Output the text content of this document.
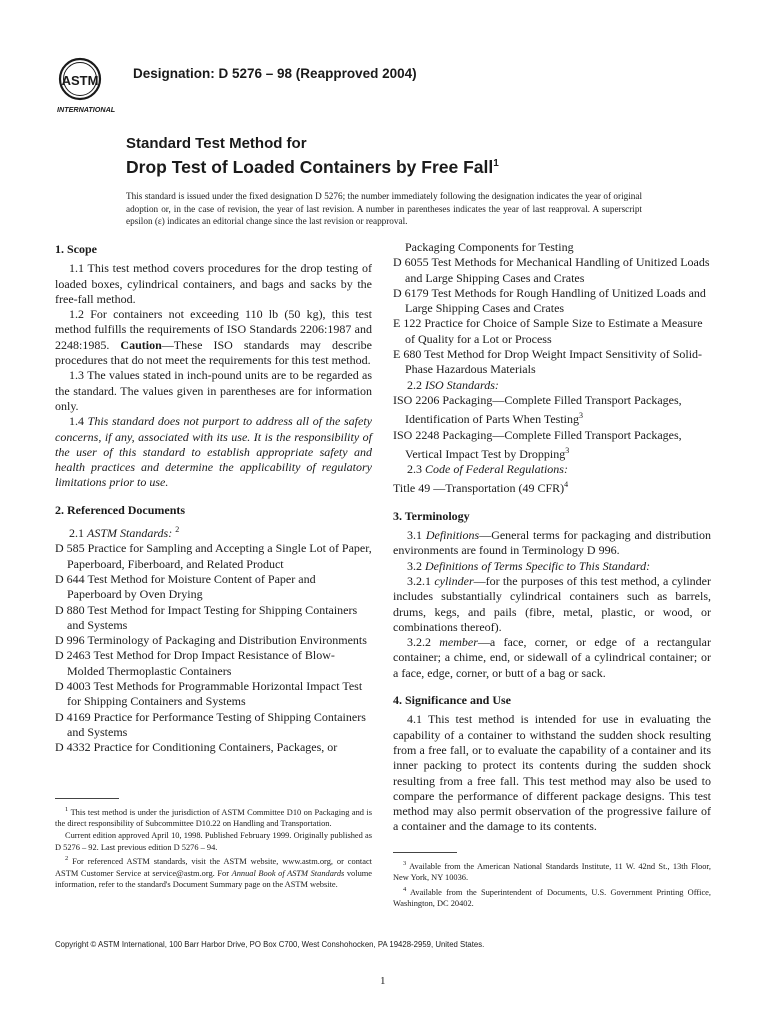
ASTM
INTERNATIONAL
Designation: D 5276 – 98 (Reapproved 2004)
Standard Test Method for
Drop Test of Loaded Containers by Free Fall$^1$
This standard is issued under the fixed designation D 5276; the number immediately following the designation indicates the year of original adoption or, in the case of revision, the year of last revision. A number in parentheses indicates the year of last reapproval. A superscript epsilon (ε) indicates an editorial change since the last revision or reapproval.
1. Scope

1.1 This test method covers procedures for the drop testing of loaded boxes, cylindrical containers, and bags and sacks by the free-fall method.

1.2 For containers not exceeding 110 lb (50 kg), this test method fulfills the requirements of ISO Standards 2206:1987 and 2248:1985. Caution—These ISO standards may describe procedures that do not meet the requirements for this test method.

1.3 The values stated in inch-pound units are to be regarded as the standard. The values given in parentheses are for information only.

1.4 This standard does not purport to address all of the safety concerns, if any, associated with its use. It is the responsibility of the user of this standard to establish appropriate safety and health practices and determine the applicability of regulatory limitations prior to use.

2. Referenced Documents

2.1 ASTM Standards: $^2$

D 585 Practice for Sampling and Accepting a Single Lot of Paper, Paperboard, Fiberboard, and Related Product

D 644 Test Method for Moisture Content of Paper and Paperboard by Oven Drying

D 880 Test Method for Impact Testing for Shipping Containers and Systems

D 996 Terminology of Packaging and Distribution Environments

D 2463 Test Method for Drop Impact Resistance of Blow-Molded Thermoplastic Containers

D 4003 Test Methods for Programmable Horizontal Impact Test for Shipping Containers and Systems

D 4169 Practice for Performance Testing of Shipping Containers and Systems

D 4332 Practice for Conditioning Containers, Packages, or

Packaging Components for Testing

D 6055 Test Methods for Mechanical Handling of Unitized Loads and Large Shipping Cases and Crates

D 6179 Test Methods for Rough Handling of Unitized Loads and Large Shipping Cases and Crates

E 122 Practice for Choice of Sample Size to Estimate a Measure of Quality for a Lot or Process

E 680 Test Method for Drop Weight Impact Sensitivity of Solid-Phase Hazardous Materials

2.2 ISO Standards:

ISO 2206 Packaging—Complete Filled Transport Packages, Identification of Parts When Testing$^3$

ISO 2248 Packaging—Complete Filled Transport Packages, Vertical Impact Test by Dropping$^3$

2.3 Code of Federal Regulations:

Title 49 —Transportation (49 CFR)$^4$

3. Terminology

3.1 Definitions—General terms for packaging and distribution environments are found in Terminology D 996.

3.2 Definitions of Terms Specific to This Standard:

3.2.1 cylinder—for the purposes of this test method, a cylinder includes substantially cylindrical containers such as barrels, drums, kegs, and pails (fibre, metal, plastic, or wood, or combinations thereof).

3.2.2 member—a face, corner, or edge of a rectangular container; a chime, end, or sidewall of a cylindrical container; or a face, edge, corner, or butt of a bag or sack.

4. Significance and Use

4.1 This test method is intended for use in evaluating the capability of a container to withstand the sudden shock resulting from a free fall, or to evaluate the capability of a container and its inner packing to protect its contents during the sudden shock resulting from a free fall. This test method may also be used to compare the performance of different package designs. This test method may also permit observation of the progressive failure of a container and the damage to its contents.

$^1$ This test method is under the jurisdiction of ASTM Committee D10 on Packaging and is the direct responsibility of Subcommittee D10.22 on Handling and Transportation.

Current edition approved April 10, 1998. Published February 1999. Originally published as D 5276 – 92. Last previous edition D 5276 – 94.

$^2$ For referenced ASTM standards, visit the ASTM website, www.astm.org, or contact ASTM Customer Service at service@astm.org. For Annual Book of ASTM Standards volume information, refer to the standard's Document Summary page on the ASTM website.

$^3$ Available from the American National Standards Institute, 11 W. 42nd St., 13th Floor, New York, NY 10036.

$^4$ Available from the Superintendent of Documents, U.S. Government Printing Office, Washington, DC 20402.

Copyright © ASTM International, 100 Barr Harbor Drive, PO Box C700, West Conshohocken, PA 19428-2959, United States.
1
